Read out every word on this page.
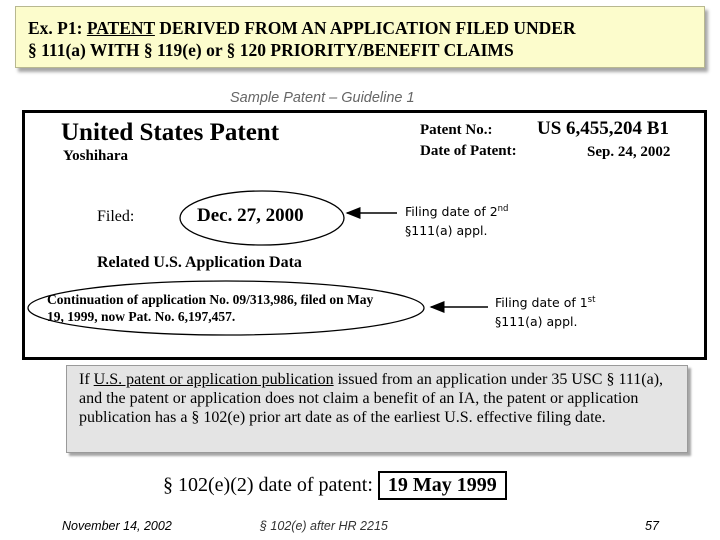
Ex. P1: PATENT DERIVED FROM AN APPLICATION FILED UNDER
§ 111(a) WITH § 119(e) or § 120 PRIORITY/BENEFIT CLAIMS
Sample Patent – Guideline 1
United States Patent
Yoshihara
Patent No.: US 6,455,204 B1
Date of Patent:	Sep. 24, 2002
Filed:	Dec. 27, 2000
Related U.S. Application Data
Continuation of application No. 09/313,986, filed on May
19, 1999, now Pat. No. 6,197,457.
Filing date of 2nd
§111(a) appl.
Filing date of 1st
§111(a) appl.
If U.S. patent or application publication issued from an application under 35 USC § 111(a), and the patent or application does not claim a benefit of an IA, the patent or application publication has a § 102(e) prior art date as of the earliest U.S. effective filing date.
§ 102(e)(2) date of patent: 19 May 1999
November 14, 2002	§ 102(e) after HR 2215	57
